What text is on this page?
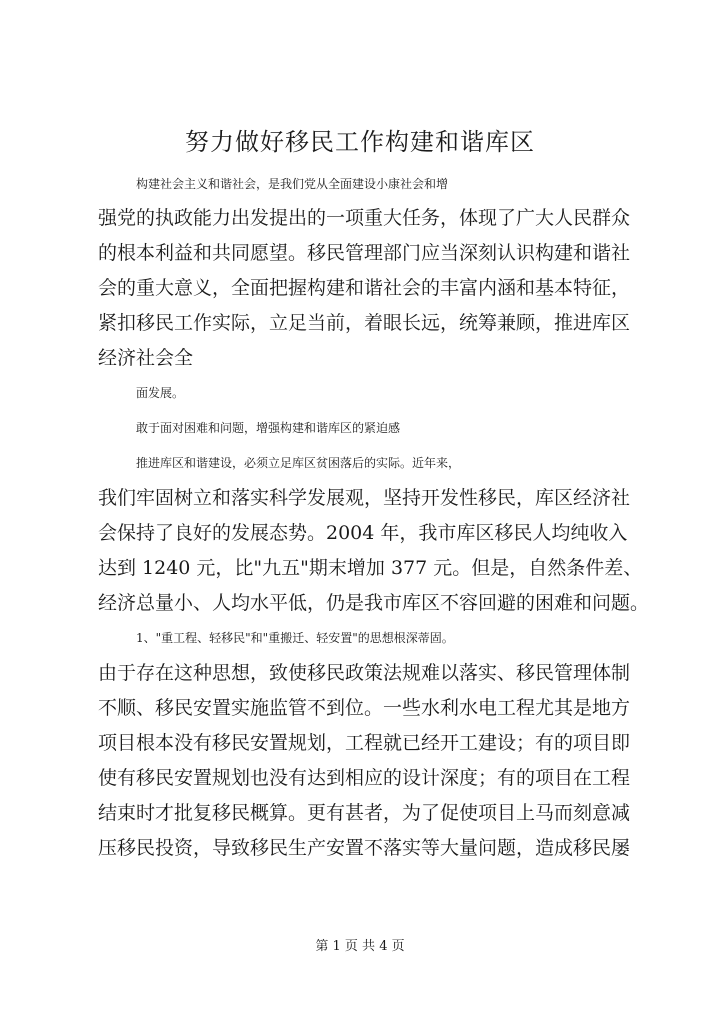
努力做好移民工作构建和谐库区

构建社会主义和谐社会，是我们党从全面建设小康社会和增

强党的执政能力出发提出的一项重大任务，体现了广大人民群众

的根本利益和共同愿望。移民管理部门应当深刻认识构建和谐社

会的重大意义，全面把握构建和谐社会的丰富内涵和基本特征，

紧扣移民工作实际，立足当前，着眼长远，统筹兼顾，推进库区

经济社会全

面发展。

敢于面对困难和问题，增强构建和谐库区的紧迫感

推进库区和谐建设，必须立足库区贫困落后的实际。近年来，

我们牢固树立和落实科学发展观，坚持开发性移民，库区经济社

会保持了良好的发展态势。2004 年，我市库区移民人均纯收入

达到 1240 元，比"九五"期末增加 377 元。但是，自然条件差、

经济总量小、人均水平低，仍是我市库区不容回避的困难和问题。

1、"重工程、轻移民"和"重搬迁、轻安置"的思想根深蒂固。

由于存在这种思想，致使移民政策法规难以落实、移民管理体制

不顺、移民安置实施监管不到位。一些水利水电工程尤其是地方

项目根本没有移民安置规划，工程就已经开工建设；有的项目即

使有移民安置规划也没有达到相应的设计深度；有的项目在工程

结束时才批复移民概算。更有甚者，为了促使项目上马而刻意减

压移民投资，导致移民生产安置不落实等大量问题，造成移民屡

第 1 页 共 4 页
